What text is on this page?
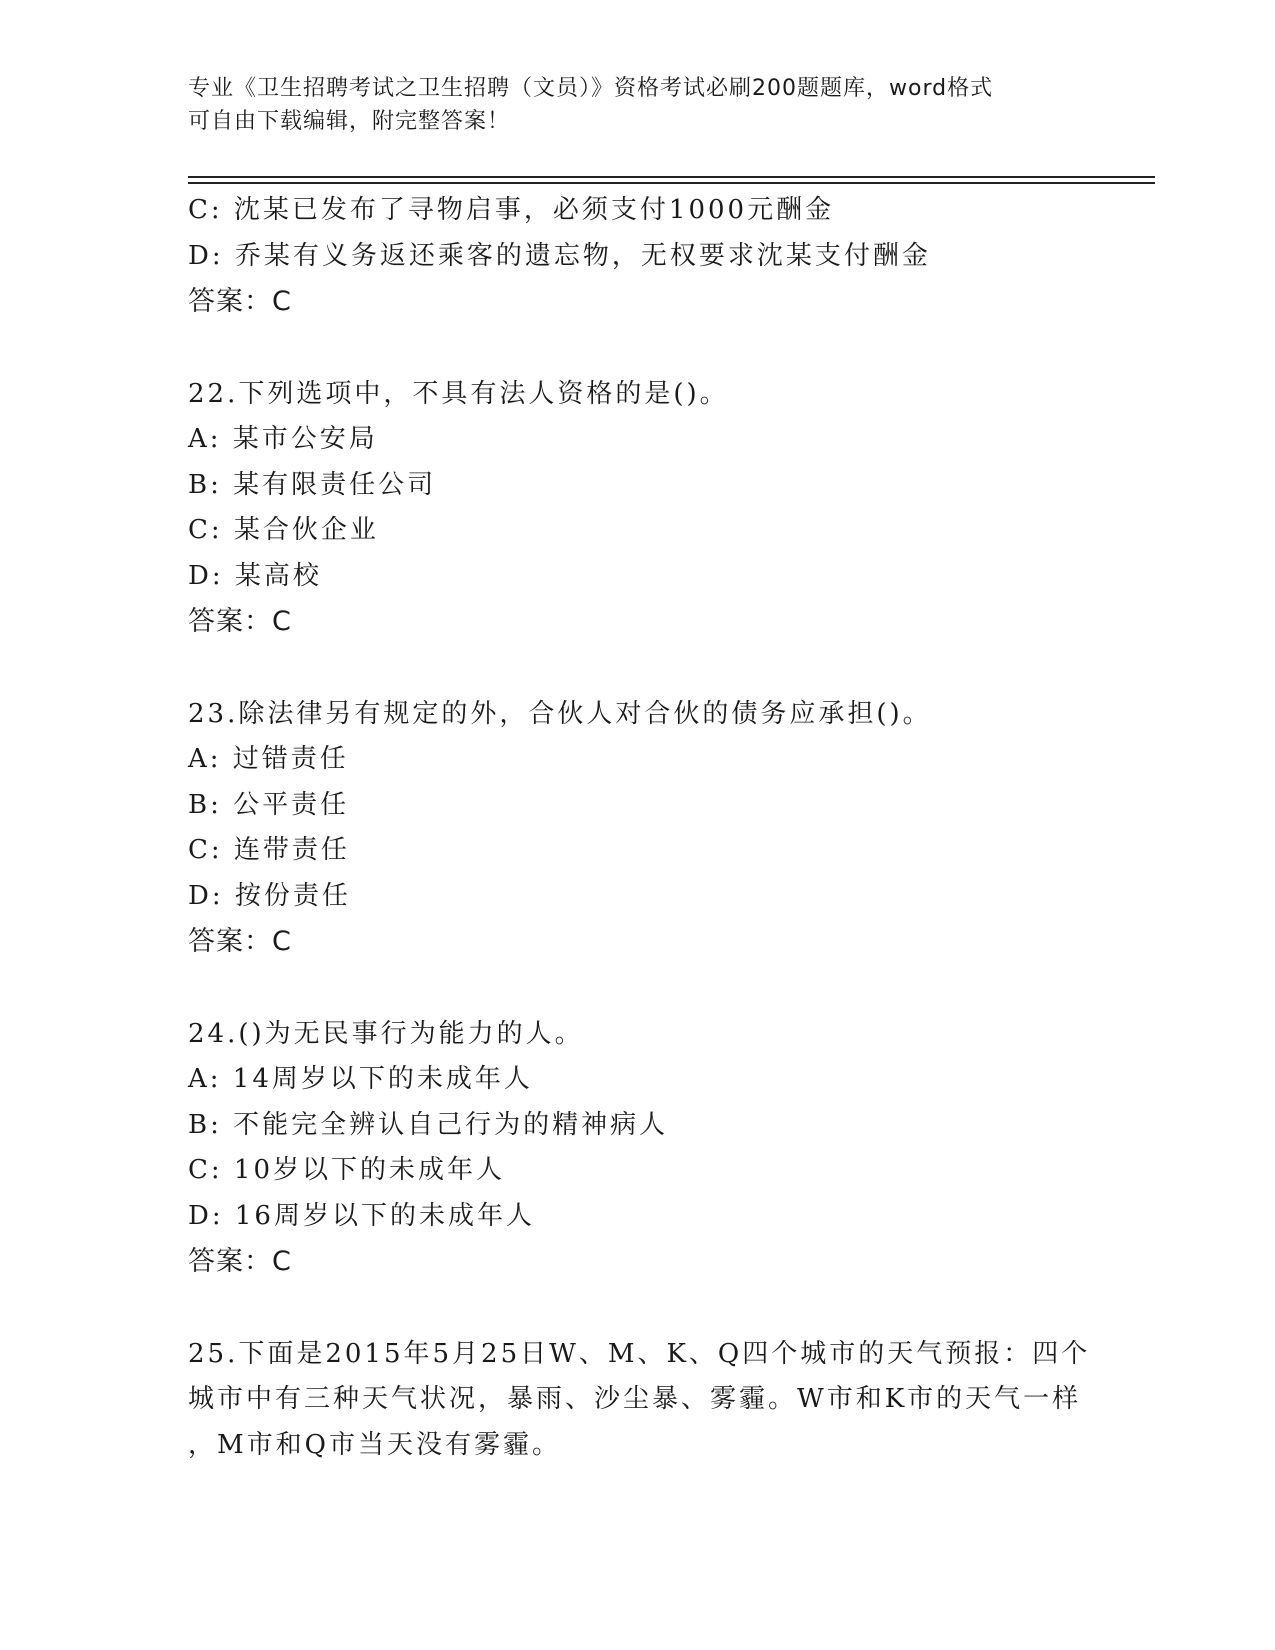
专业《卫生招聘考试之卫生招聘（文员）》资格考试必刷200题题库，word格式
可自由下载编辑，附完整答案！
C: 沈某已发布了寻物启事，必须支付1000元酬金
D: 乔某有义务返还乘客的遗忘物，无权要求沈某支付酬金
答案：C
22.下列选项中，不具有法人资格的是()。
A: 某市公安局
B: 某有限责任公司
C: 某合伙企业
D: 某高校
答案：C
23.除法律另有规定的外，合伙人对合伙的债务应承担()。
A: 过错责任
B: 公平责任
C: 连带责任
D: 按份责任
答案：C
24.()为无民事行为能力的人。
A: 14周岁以下的未成年人
B: 不能完全辨认自己行为的精神病人
C: 10岁以下的未成年人
D: 16周岁以下的未成年人
答案：C
25.下面是2015年5月25日W、M、K、Q四个城市的天气预报：四个
城市中有三种天气状况，暴雨、沙尘暴、雾霾。W市和K市的天气一样
，M市和Q市当天没有雾霾。
